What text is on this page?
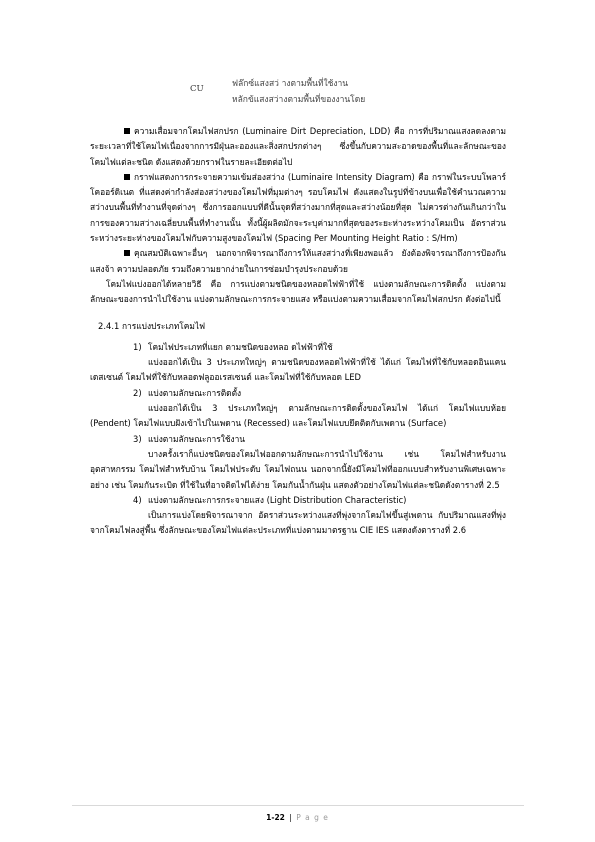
CU	ฟล๊กซ์แสงสว่ างตามพื้นที่ใช้งาน
หลักข้แสงสว่างตามพื้นที่ของงานโดย

ความเสื่อมจากโคมไฟสกปรก (Luminaire Dirt Depreciation, LDD) คือ การที่ปริมาณแสงลดลงตามระยะเวลาที่ใช้โคมไฟเนื่องจากการมีฝุ่นละอองและสิ่งสกปรกต่างๆ ซึ่งขึ้นกับความสะอาดของพื้นที่และลักษณะของโคมไฟแต่ละชนิด ดังแสดงด้วยกราฟในรายละเอียดต่อไป

กราฟแสดงการกระจายความเข้มส่องสว่าง (Luminaire Intensity Diagram) คือ กราฟในระบบโพลาร์โคออร์ดิเนต ที่แสดงค่ากำลังส่องสว่างของโคมไฟที่มุมต่างๆ รอบโคมไฟ ดังแสดงในรูปที่ข้างบนเพื่อใช้คำนวณความสว่างบนพื้นที่ทำงานที่จุดต่างๆ ซึ่งการออกแบบที่ดีนั้นจุดที่สว่างมากที่สุดและสว่างน้อยที่สุด ไม่ควรต่างกันเกินกว่าในการของความสว่างเฉลี่ยบนพื้นที่ทำงานนั้น ทั้งนี้ผู้ผลิตมักจะระบุค่ามากที่สุดของระยะห่างระหว่างโคมเป็น อัตราส่วนระหว่างระยะห่างของโคมไฟกับความสูงของโคมไฟ (Spacing Per Mounting Height Ratio : S/Hm)

คุณสมบัติเฉพาะอื่นๆ นอกจากพิจารณาถึงการให้แสงสว่างที่เพียงพอแล้ว ยังต้องพิจารณาถึงการป้องกันแสงจ้า ความปลอดภัย รวมถึงความยากง่ายในการซ่อมบำรุงประกอบด้วย

โคมไฟแบ่งออกได้หลายวิธี คือ การแบ่งตามชนิดของหลอดไฟฟ้าที่ใช้ แบ่งตามลักษณะการติดตั้ง แบ่งตามลักษณะของการนำไปใช้งาน แบ่งตามลักษณะการกระจายแสง หรือแบ่งตามความเสื่อมจากโคมไฟสกปรก ดังต่อไปนี้

2.4.1 การแบ่งประเภทโคมไฟ

1) โคมไฟประเภทที่แยก ตามชนิดของหลอ ดไฟฟ้าที่ใช้

แบ่งออกได้เป็น 3 ประเภทใหญ่ๆ ตามชนิดของหลอดไฟฟ้าที่ใช้ ได้แก่ โคมไฟที่ใช้กับหลอดอินแคนเดสเซนต์ โคมไฟที่ใช้กับหลอดฟลูออเรสเซนต์ และโคมไฟที่ใช้กับหลอด LED

2) แบ่งตามลักษณะการติดตั้ง

แบ่งออกได้เป็น 3 ประเภทใหญ่ๆ ตามลักษณะการติดตั้งของโคมไฟ ได้แก่ โคมไฟแบบห้อย (Pendent) โคมไฟแบบฝังเข้าไปในเพดาน (Recessed) และโคมไฟแบบยึดติดกับเพดาน (Surface)

3) แบ่งตามลักษณะการใช้งาน

บางครั้งเราก็แบ่งชนิดของโคมไฟออกตามลักษณะการนำไปใช้งาน เช่น โคมไฟสำหรับงานอุตสาหกรรม โคมไฟสำหรับบ้าน โคมไฟประดับ โคมไฟถนน นอกจากนี้ยังมีโคมไฟที่ออกแบบสำหรับงานพิเศษเฉพาะอย่าง เช่น โคมกันระเบิด ที่ใช้ในที่อาจติดไฟได้ง่าย โคมกันน้ำกันฝุ่น แสดงตัวอย่างโคมไฟแต่ละชนิดดังตารางที่ 2.5

4) แบ่งตามลักษณะการกระจายแสง (Light Distribution Characteristic)

เป็นการแบ่งโดยพิจารณาจาก อัตราส่วนระหว่างแสงที่พุ่งจากโคมไฟขึ้นสู่เพดาน กับปริมาณแสงที่พุ่งจากโคมไฟลงสู่พื้น ซึ่งลักษณะของโคมไฟแต่ละประเภทที่แบ่งตามมาตรฐาน CIE IES แสดงดังตารางที่ 2.6

1-22 | P a g e
